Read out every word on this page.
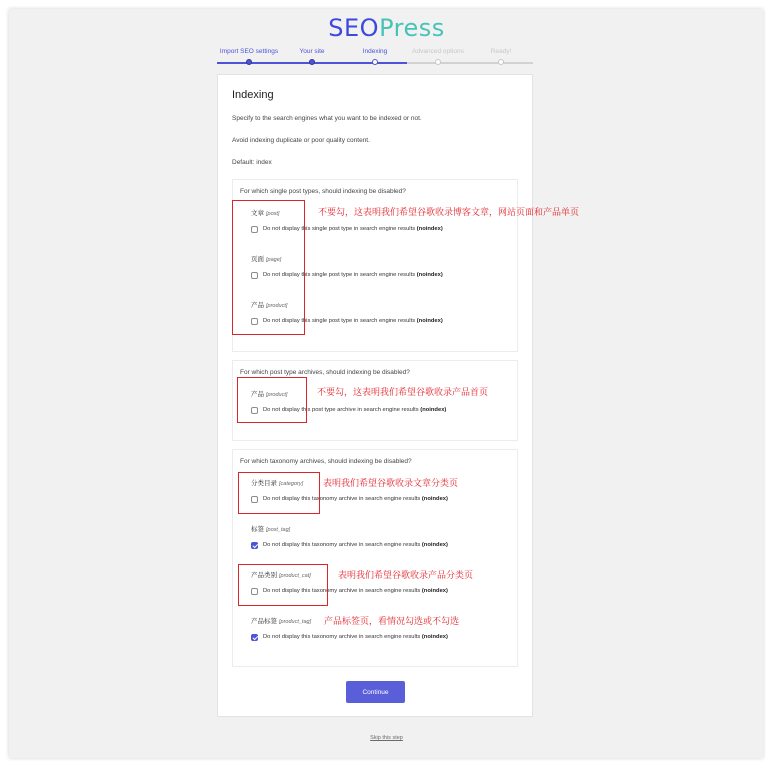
SEOPress
Import SEO settings	Your site	Indexing	Advanced options	Ready!
Indexing

Specify to the search engines what you want to be indexed or not.

Avoid indexing duplicate or poor quality content.

Default: index

For which single post types, should indexing be disabled?
文章 [post]
Do not display this single post type in search engine results (noindex)
页面 [page]
Do not display this single post type in search engine results (noindex)
产品 [product]
Do not display this single post type in search engine results (noindex)
For which post type archives, should indexing be disabled?
产品 [product]
Do not display this post type archive in search engine results (noindex)
For which taxonomy archives, should indexing be disabled?
分类目录 [category]
Do not display this taxonomy archive in search engine results (noindex)
标签 [post_tag]
Do not display this taxonomy archive in search engine results (noindex)
产品类别 [product_cat]
Do not display this taxonomy archive in search engine results (noindex)
产品标签 [product_tag]
Do not display this taxonomy archive in search engine results (noindex)
Continue
Skip this step
不要勾，这表明我们希望谷歌收录博客文章，网站页面和产品单页
不要勾，这表明我们希望谷歌收录产品首页
表明我们希望谷歌收录文章分类页
表明我们希望谷歌收录产品分类页
产品标签页，看情况勾选或不勾选
